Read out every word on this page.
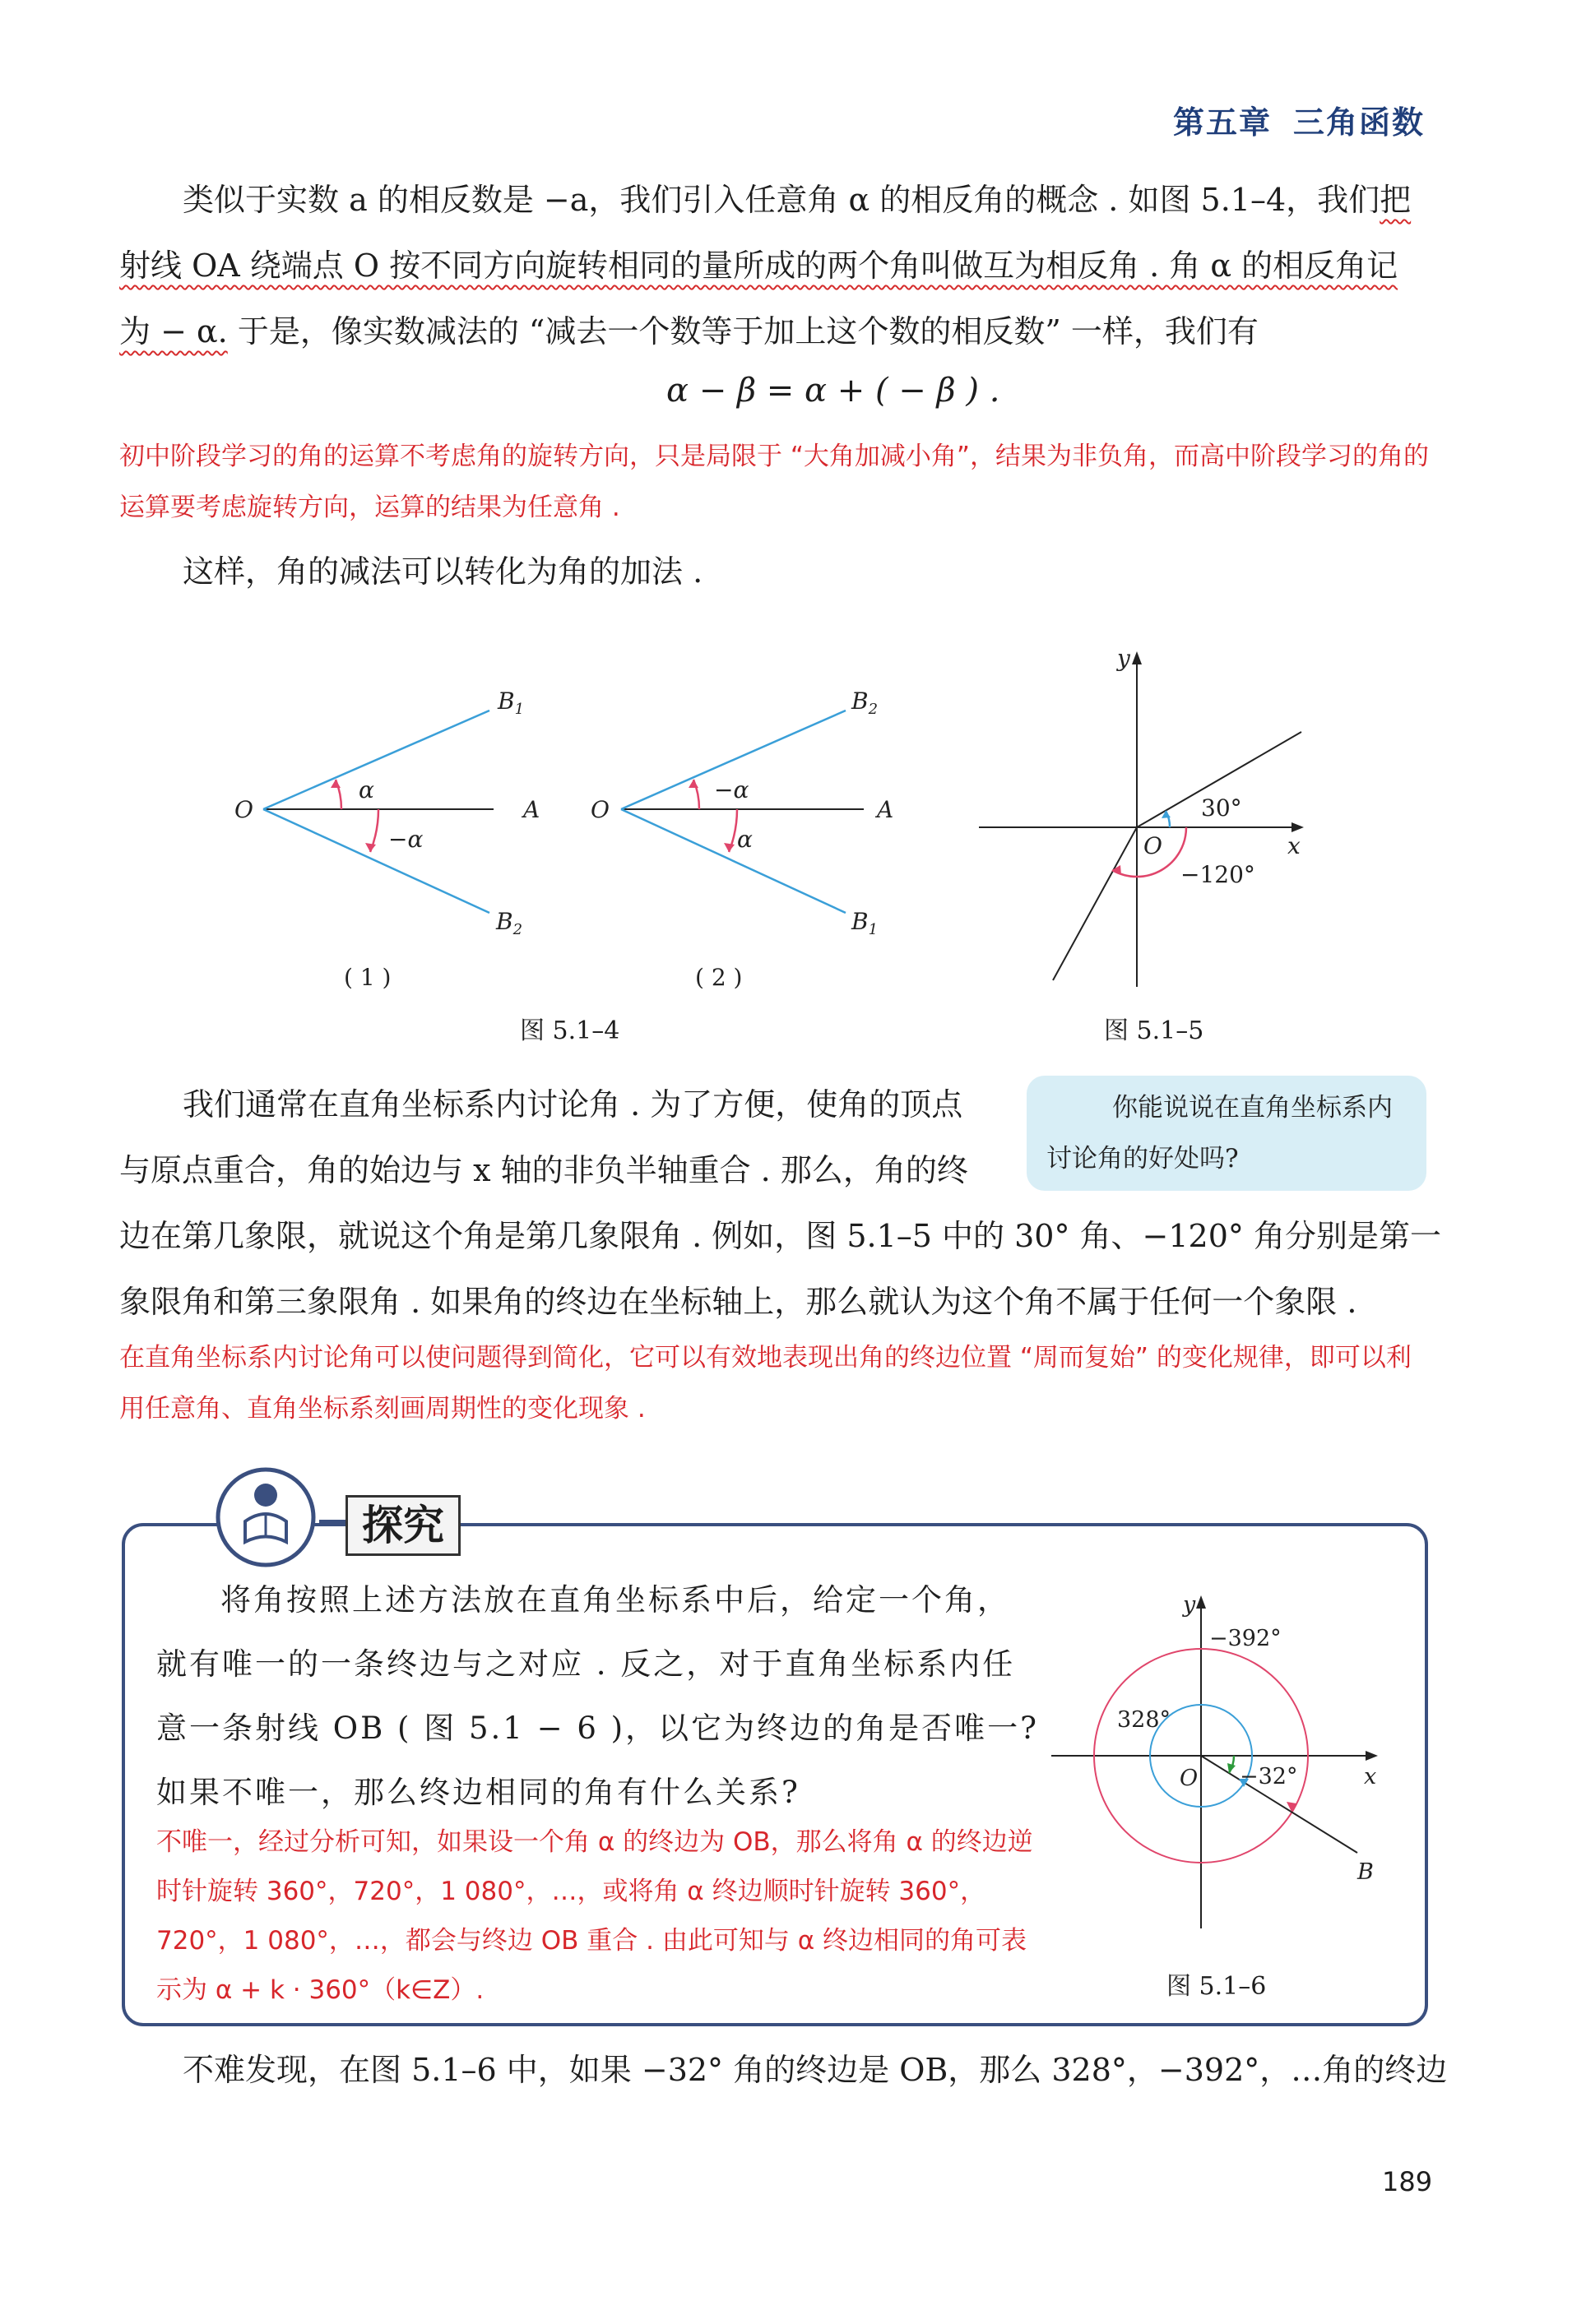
第五章 三角函数
类似于实数 a 的相反数是 −a，我们引入任意角 α 的相反角的概念 . 如图 5.1–4，我们把
射线 OA 绕端点 O 按不同方向旋转相同的量所成的两个角叫做互为相反角 . 角 α 的相反角记
为 − α. 于是，像实数减法的 “减去一个数等于加上这个数的相反数” 一样，我们有
α − β = α + ( − β ) .
初中阶段学习的角的运算不考虑角的旋转方向，只是局限于 “大角加减小角”，结果为非负角，而高中阶段学习的角的运算要考虑旋转方向，运算的结果为任意角 .
这样，角的减法可以转化为角的加法 .
O	A
$B_1$
$B_2$
α
−α
( 1 )
O	A
$B_2$
$B_1$
−α
α
( 2 )
图 5.1–4
y
x
O
30°
−120°
图 5.1–5
我们通常在直角坐标系内讨论角 . 为了方便，使角的顶点
与原点重合，角的始边与 x 轴的非负半轴重合 . 那么，角的终
边在第几象限，就说这个角是第几象限角 . 例如，图 5.1–5 中的 30° 角、−120° 角分别是第一
象限角和第三象限角 . 如果角的终边在坐标轴上，那么就认为这个角不属于任何一个象限 .
你能说说在直角坐标系内
讨论角的好处吗?
在直角坐标系内讨论角可以使问题得到简化，它可以有效地表现出角的终边位置 “周而复始” 的变化规律，即可以利用任意角、直角坐标系刻画周期性的变化现象 .
探究
将角按照上述方法放在直角坐标系中后，给定一个角，
就有唯一的一条终边与之对应 . 反之，对于直角坐标系内任
意一条射线 OB ( 图 5.1 − 6 )，以它为终边的角是否唯一?
如果不唯一，那么终边相同的角有什么关系?
不唯一，经过分析可知，如果设一个角 α 的终边为 OB，那么将角 α 的终边逆时针旋转 360°，720°，1 080°，…，或将角 α 终边顺时针旋转 360°，720°，1 080°，…，都会与终边 OB 重合 . 由此可知与 α 终边相同的角可表示为 α + k · 360°（k∈Z）.
y
x
O
B
−392°
328°
−32°
图 5.1–6
不难发现，在图 5.1–6 中，如果 −32° 角的终边是 OB，那么 328°，−392°，…角的终边
189
